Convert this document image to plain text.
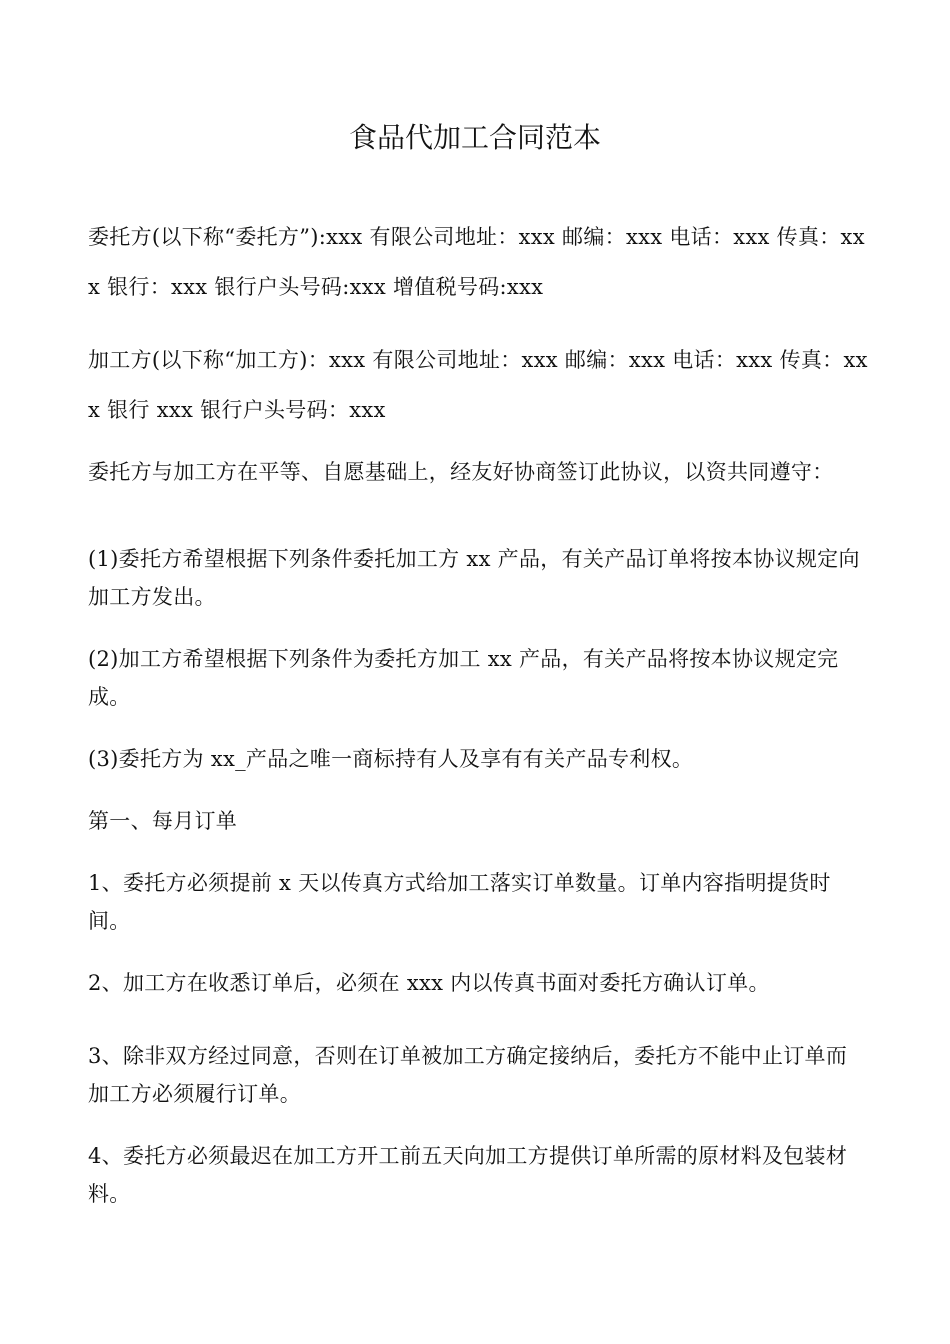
食品代加工合同范本
委托方(以下称“委托方”):xxx 有限公司地址：xxx 邮编：xxx 电话：xxx 传真：xxx 银行：xxx 银行户头号码:xxx 增值税号码:xxx
加工方(以下称“加工方)：xxx 有限公司地址：xxx 邮编：xxx 电话：xxx 传真：xxx 银行 xxx 银行户头号码：xxx
委托方与加工方在平等、自愿基础上，经友好协商签订此协议，以资共同遵守：
(1)委托方希望根据下列条件委托加工方 xx 产品，有关产品订单将按本协议规定向加工方发出。
(2)加工方希望根据下列条件为委托方加工 xx 产品，有关产品将按本协议规定完成。
(3)委托方为 xx_产品之唯一商标持有人及享有有关产品专利权。
第一、每月订单
1、委托方必须提前 x 天以传真方式给加工落实订单数量。订单内容指明提货时间。
2、加工方在收悉订单后，必须在 xxx 内以传真书面对委托方确认订单。
3、除非双方经过同意，否则在订单被加工方确定接纳后，委托方不能中止订单而加工方必须履行订单。
4、委托方必须最迟在加工方开工前五天向加工方提供订单所需的原材料及包装材料。
